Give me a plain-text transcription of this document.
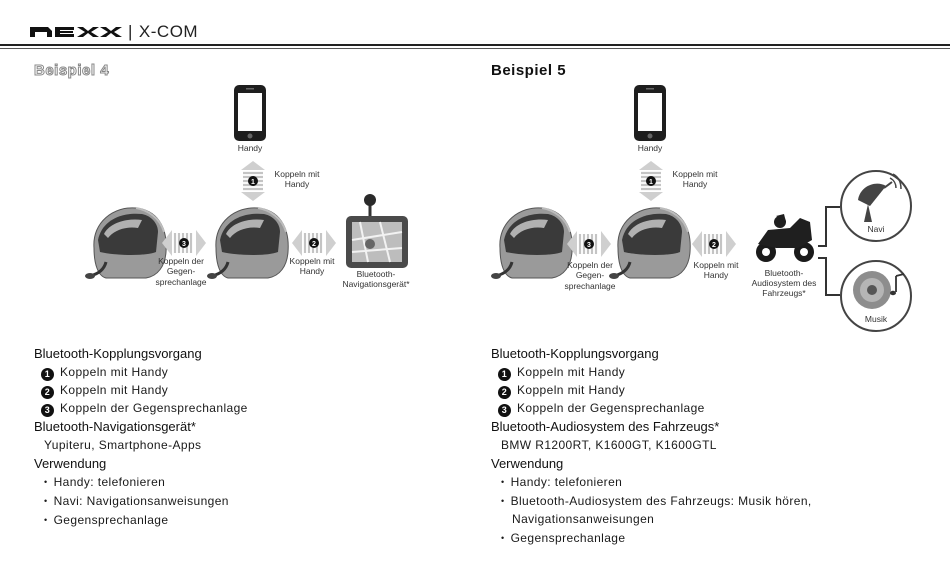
| X-COM
Beispiel 4	Beispiel 5
Handy
1
Koppeln mit
Handy
3
Koppeln der
Gegen-
sprechanlage
2
Koppeln mit
Handy	Bluetooth-
Navigationsgerät*
Handy
1
Koppeln mit
Handy
3
Koppeln der
Gegen-
sprechanlage
2
Koppeln mit
Handy	Bluetooth-
Audiosystem des
Fahrzeugs*
Navi
Musik
Bluetooth-Kopplungsvorgang
1 Koppeln mit Handy
2 Koppeln mit Handy
3 Koppeln der Gegensprechanlage
Bluetooth-Navigationsgerät*
Yupiteru, Smartphone-Apps
Verwendung
• Handy: telefonieren
• Navi: Navigationsanweisungen
• Gegensprechanlage
Bluetooth-Kopplungsvorgang
1 Koppeln mit Handy
2 Koppeln mit Handy
3 Koppeln der Gegensprechanlage
Bluetooth-Audiosystem des Fahrzeugs*
BMW R1200RT, K1600GT, K1600GTL
Verwendung
• Handy: telefonieren
• Bluetooth-Audiosystem des Fahrzeugs: Musik hören,
Navigationsanweisungen
• Gegensprechanlage
